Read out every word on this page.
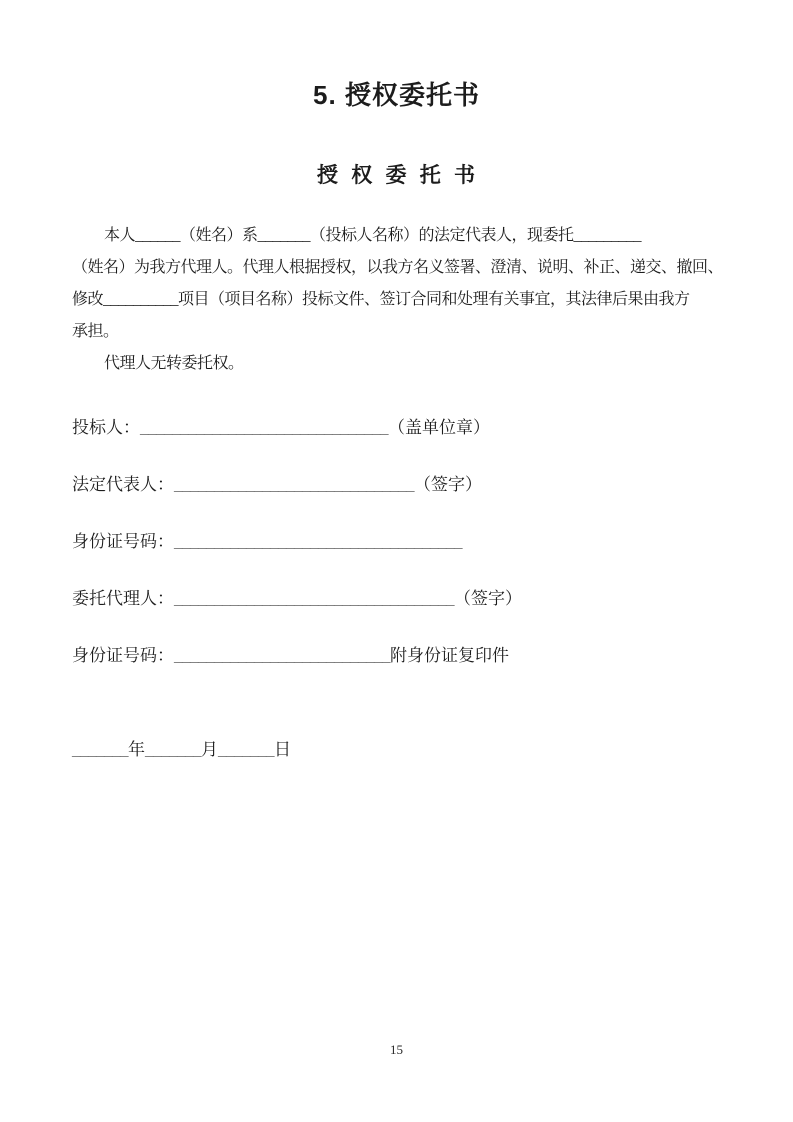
5. 授权委托书
授 权 委 托 书
本人______（姓名）系_______（投标人名称）的法定代表人，现委托_________
（姓名）为我方代理人。代理人根据授权，以我方名义签署、澄清、说明、补正、递交、撤回、
修改__________项目（项目名称）投标文件、签订合同和处理有关事宜，其法律后果由我方
承担。
代理人无转委托权。
投标人：_______________________________（盖单位章）
法定代表人：______________________________（签字）
身份证号码：____________________________________
委托代理人：___________________________________（签字）
身份证号码：___________________________附身份证复印件
_______年_______月_______日
15
